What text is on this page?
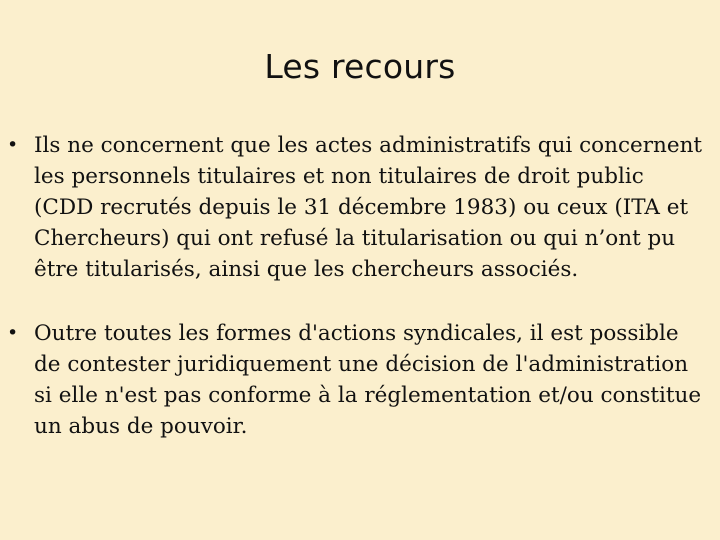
Les recours
• Ils ne concernent que les actes administratifs qui concernent les personnels titulaires et non titulaires de droit public (CDD recrutés depuis le 31 décembre 1983) ou ceux (ITA et Chercheurs) qui ont refusé la titularisation ou qui n’ont pu être titularisés, ainsi que les chercheurs associés.
• Outre toutes les formes d'actions syndicales, il est possible de contester juridiquement une décision de l'administration si elle n'est pas conforme à la réglementation et/ou constitue un abus de pouvoir.
